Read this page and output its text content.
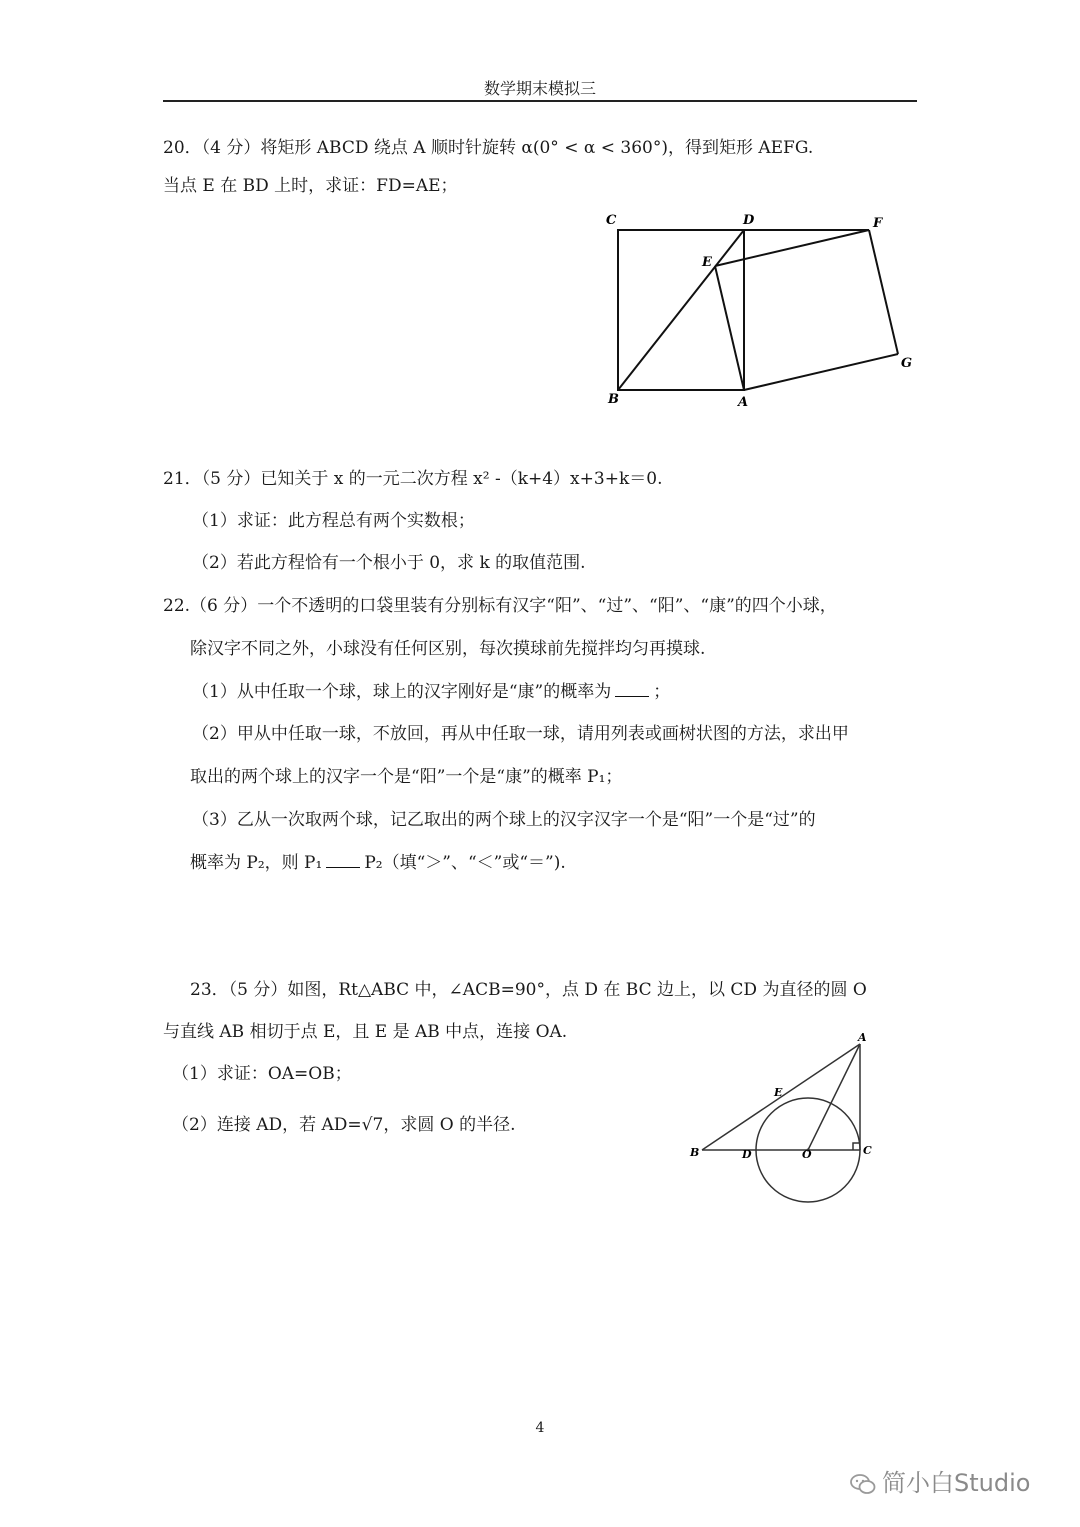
数学期末模拟三
20．（4 分）将矩形 ABCD 绕点 A 顺时针旋转 α(0° < α < 360°)，得到矩形 AEFG.
当点 E 在 BD 上时，求证：FD=AE；
C	D	F
E
G
B	A
21．（5 分）已知关于 x 的一元二次方程 x² -（k+4）x+3+k＝0.
（1）求证：此方程总有两个实数根；
（2）若此方程恰有一个根小于 0，求 k 的取值范围.
22.（6 分）一个不透明的口袋里装有分别标有汉字“阳”、“过”、“阳”、“康”的四个小球，
除汉字不同之外，小球没有任何区别，每次摸球前先搅拌均匀再摸球.
（1）从中任取一个球，球上的汉字刚好是“康”的概率为 ；
（2）甲从中任取一球，不放回，再从中任取一球，请用列表或画树状图的方法，求出甲
取出的两个球上的汉字一个是“阳”一个是“康”的概率 P₁；
（3）乙从一次取两个球，记乙取出的两个球上的汉字汉字一个是“阳”一个是“过”的
概率为 P₂，则 P₁ P₂（填“＞”、“＜”或“＝”).
23．（5 分）如图，Rt△ABC 中，∠ACB=90°，点 D 在 BC 边上，以 CD 为直径的圆 O
与直线 AB 相切于点 E，且 E 是 AB 中点，连接 OA.
（1）求证：OA=OB；
（2）连接 AD，若 AD=√7，求圆 O 的半径.
A
E
B	D	O	C
4
简小白Studio
